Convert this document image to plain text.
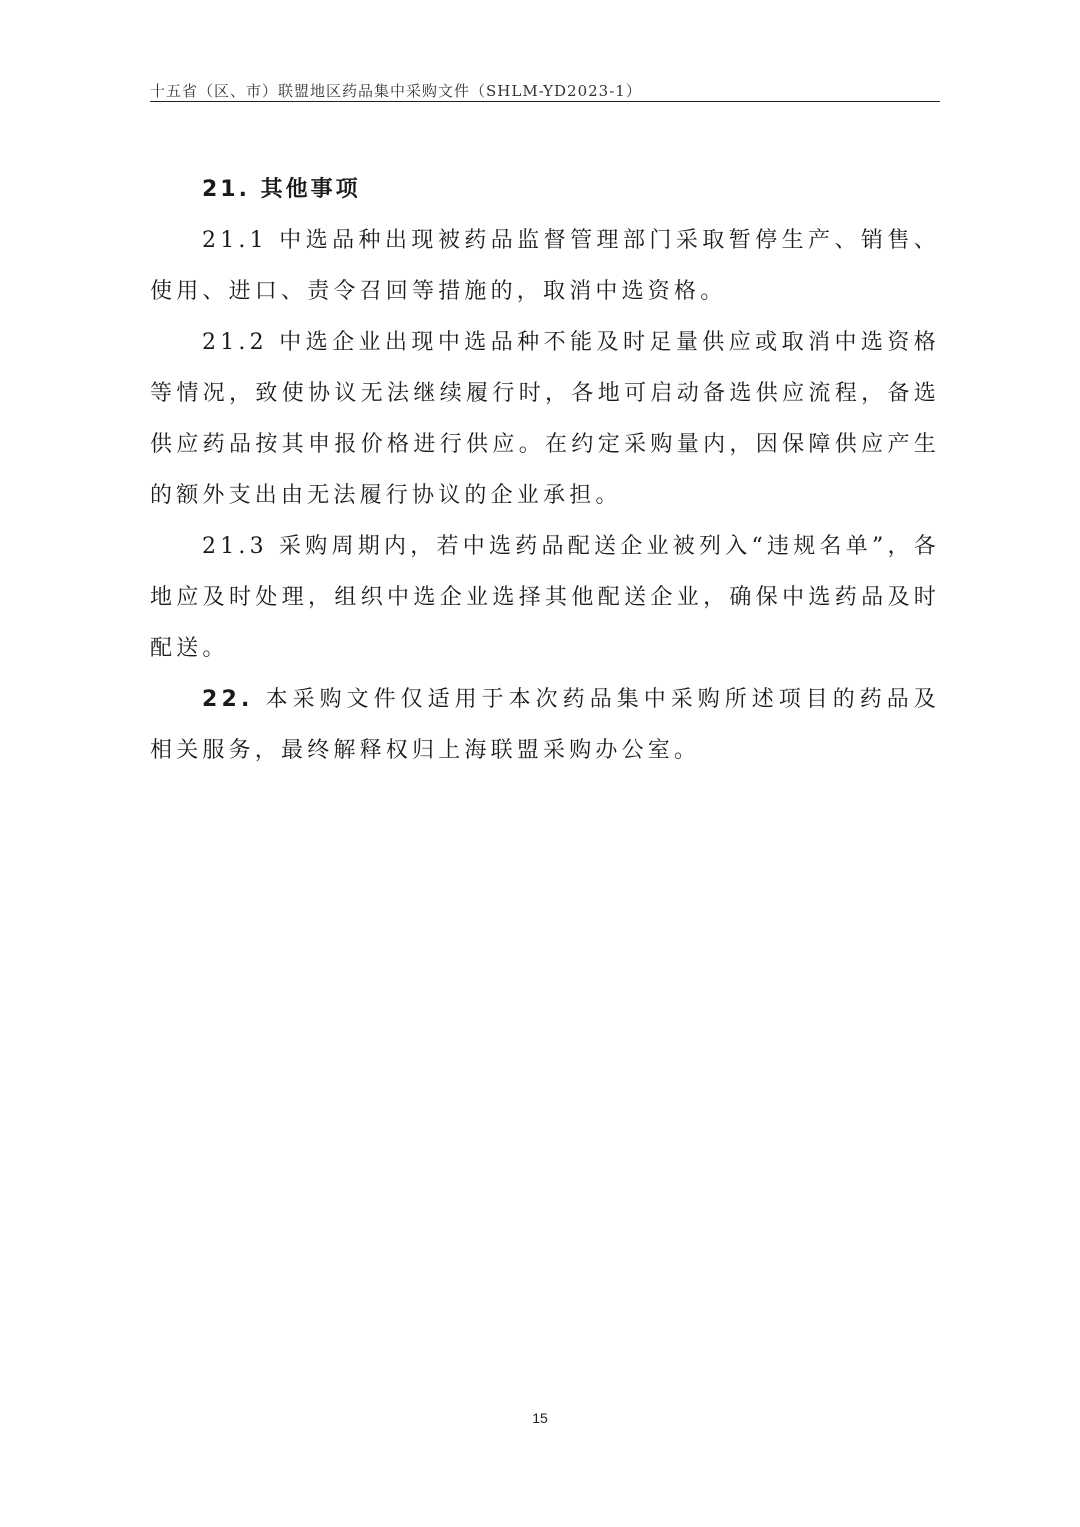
十五省（区、市）联盟地区药品集中采购文件（SHLM-YD2023-1）

21. 其他事项

21.1 中选品种出现被药品监督管理部门采取暂停生产、销售、使用、进口、责令召回等措施的，取消中选资格。

21.2 中选企业出现中选品种不能及时足量供应或取消中选资格等情况，致使协议无法继续履行时，各地可启动备选供应流程，备选供应药品按其申报价格进行供应。在约定采购量内，因保障供应产生的额外支出由无法履行协议的企业承担。

21.3 采购周期内，若中选药品配送企业被列入“违规名单”，各地应及时处理，组织中选企业选择其他配送企业，确保中选药品及时配送。

22. 本采购文件仅适用于本次药品集中采购所述项目的药品及相关服务，最终解释权归上海联盟采购办公室。

15
